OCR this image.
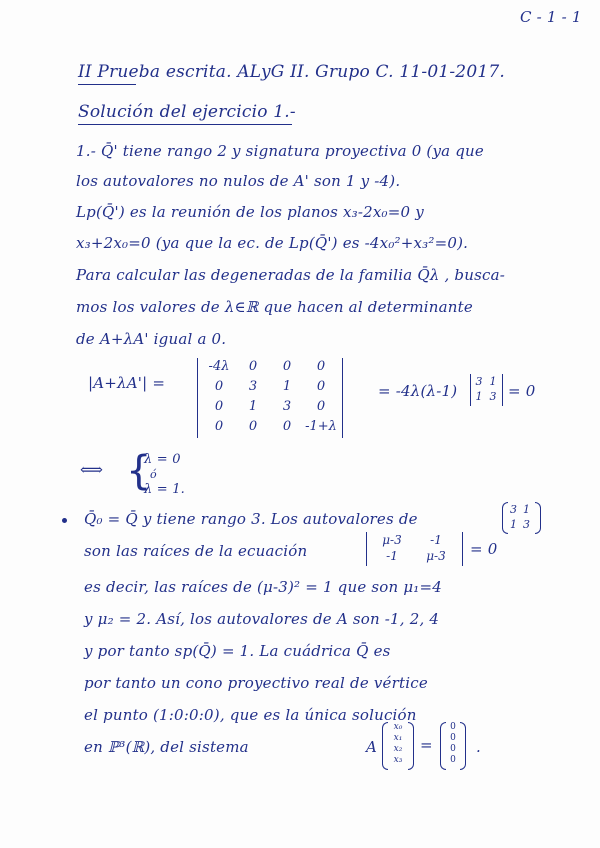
C - 1 - 1
II Prueba escrita. ALyG II. Grupo C. 11-01-2017.
Solución del ejercicio 1.-
1.- Q̄' tiene rango 2 y signatura proyectiva 0 (ya que
los autovalores no nulos de A' son 1 y -4).
Lp(Q̄') es la reunión de los planos x₃-2x₀=0 y
x₃+2x₀=0 (ya que la ec. de Lp(Q̄') es -4x₀²+x₃²=0).
Para calcular las degeneradas de la familia Q̄λ , busca-
mos los valores de λ∈ℝ que hacen al determinante
de A+λA' igual a 0.
|A+λA'| =
-4λ	0	0	0
0	3	1	0
0	1	3	0
0	0	0	-1+λ
= -4λ(λ-1)
3	1
1	3 = 0
⟺ {
λ = 0
ó
λ = 1.
Q̄₀ = Q̄ y tiene rango 3. Los autovalores de
3	1
1	3
son las raíces de la ecuación
μ-3	-1
-1	μ-3 = 0
es decir, las raíces de (μ-3)² = 1 que son μ₁=4
y μ₂ = 2. Así, los autovalores de A son -1, 2, 4
y por tanto sp(Q̄) = 1. La cuádrica Q̄ es
por tanto un cono proyectivo real de vértice
el punto (1:0:0:0), que es la única solución
en ℙ³(ℝ), del sistema	A
x₀
x₁
x₂
x₃
=
0
0
0
0
.
